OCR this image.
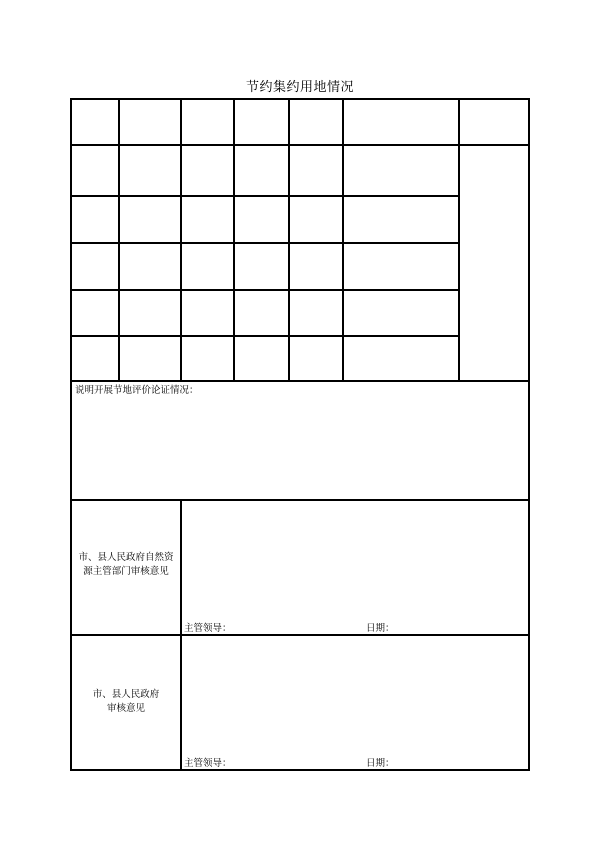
节约集约用地情况
说明开展节地评价论证情况：
市、县人民政府自然资
源主管部门审核意见
主管领导：	日期：
市、县人民政府
审核意见
主管领导：	日期：
